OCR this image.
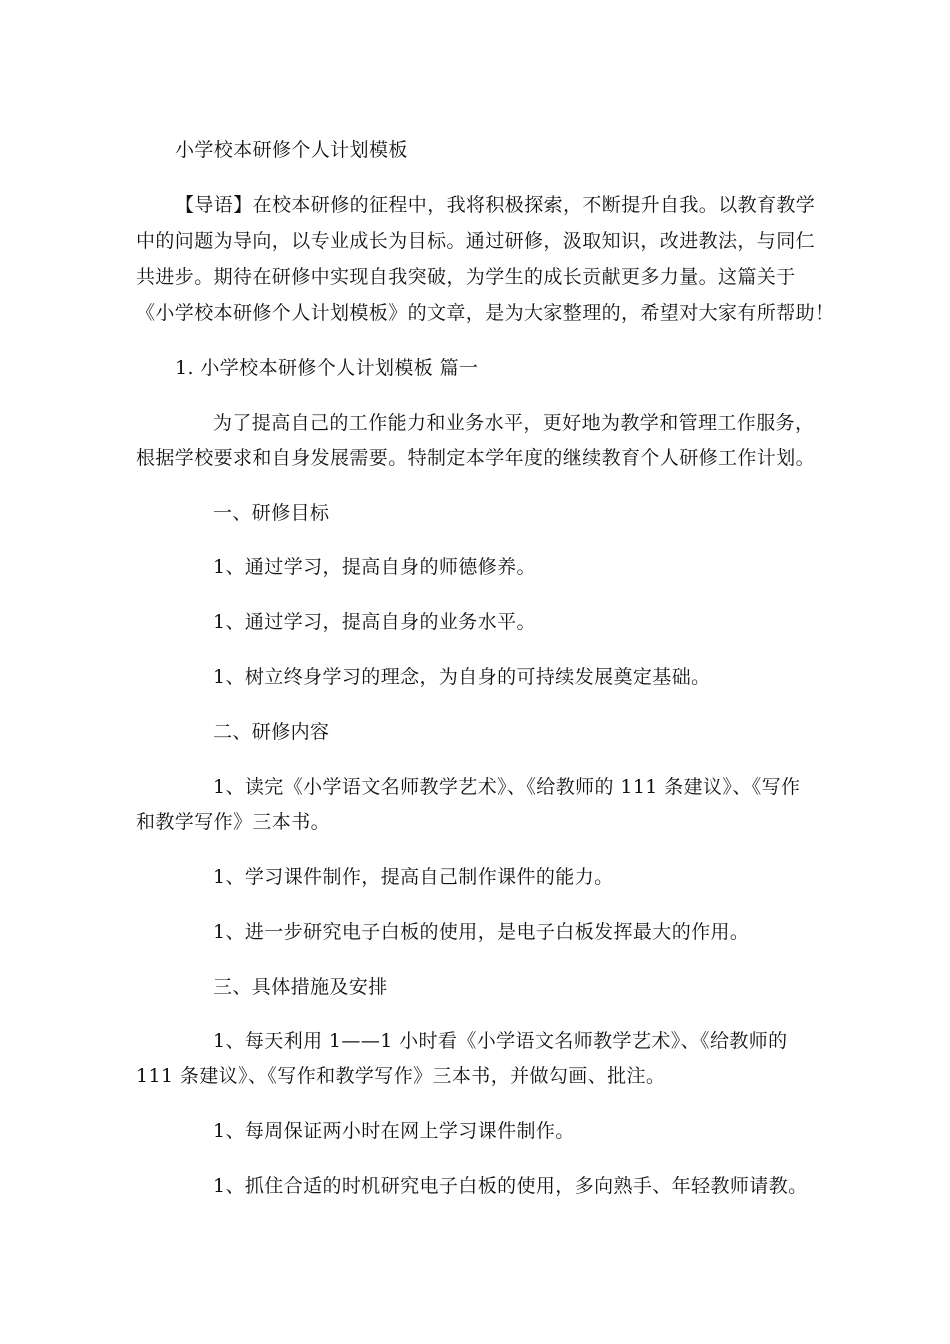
小学校本研修个人计划模板
【导语】在校本研修的征程中，我将积极探索，不断提升自我。以教育教学
中的问题为导向，以专业成长为目标。通过研修，汲取知识，改进教法，与同仁
共进步。期待在研修中实现自我突破，为学生的成长贡献更多力量。这篇关于
《小学校本研修个人计划模板》的文章，是为大家整理的，希望对大家有所帮助！
1. 小学校本研修个人计划模板 篇一
为了提高自己的工作能力和业务水平，更好地为教学和管理工作服务，
根据学校要求和自身发展需要。特制定本学年度的继续教育个人研修工作计划。
一、研修目标
1、通过学习，提高自身的师德修养。
1、通过学习，提高自身的业务水平。
1、树立终身学习的理念，为自身的可持续发展奠定基础。
二、研修内容
1、读完《小学语文名师教学艺术》、《给教师的 111 条建议》、《写作
和教学写作》三本书。
1、学习课件制作，提高自己制作课件的能力。
1、进一步研究电子白板的使用，是电子白板发挥最大的作用。
三、具体措施及安排
1、每天利用 1——1 小时看《小学语文名师教学艺术》、《给教师的
111 条建议》、《写作和教学写作》三本书，并做勾画、批注。
1、每周保证两小时在网上学习课件制作。
1、抓住合适的时机研究电子白板的使用，多向熟手、年轻教师请教。
